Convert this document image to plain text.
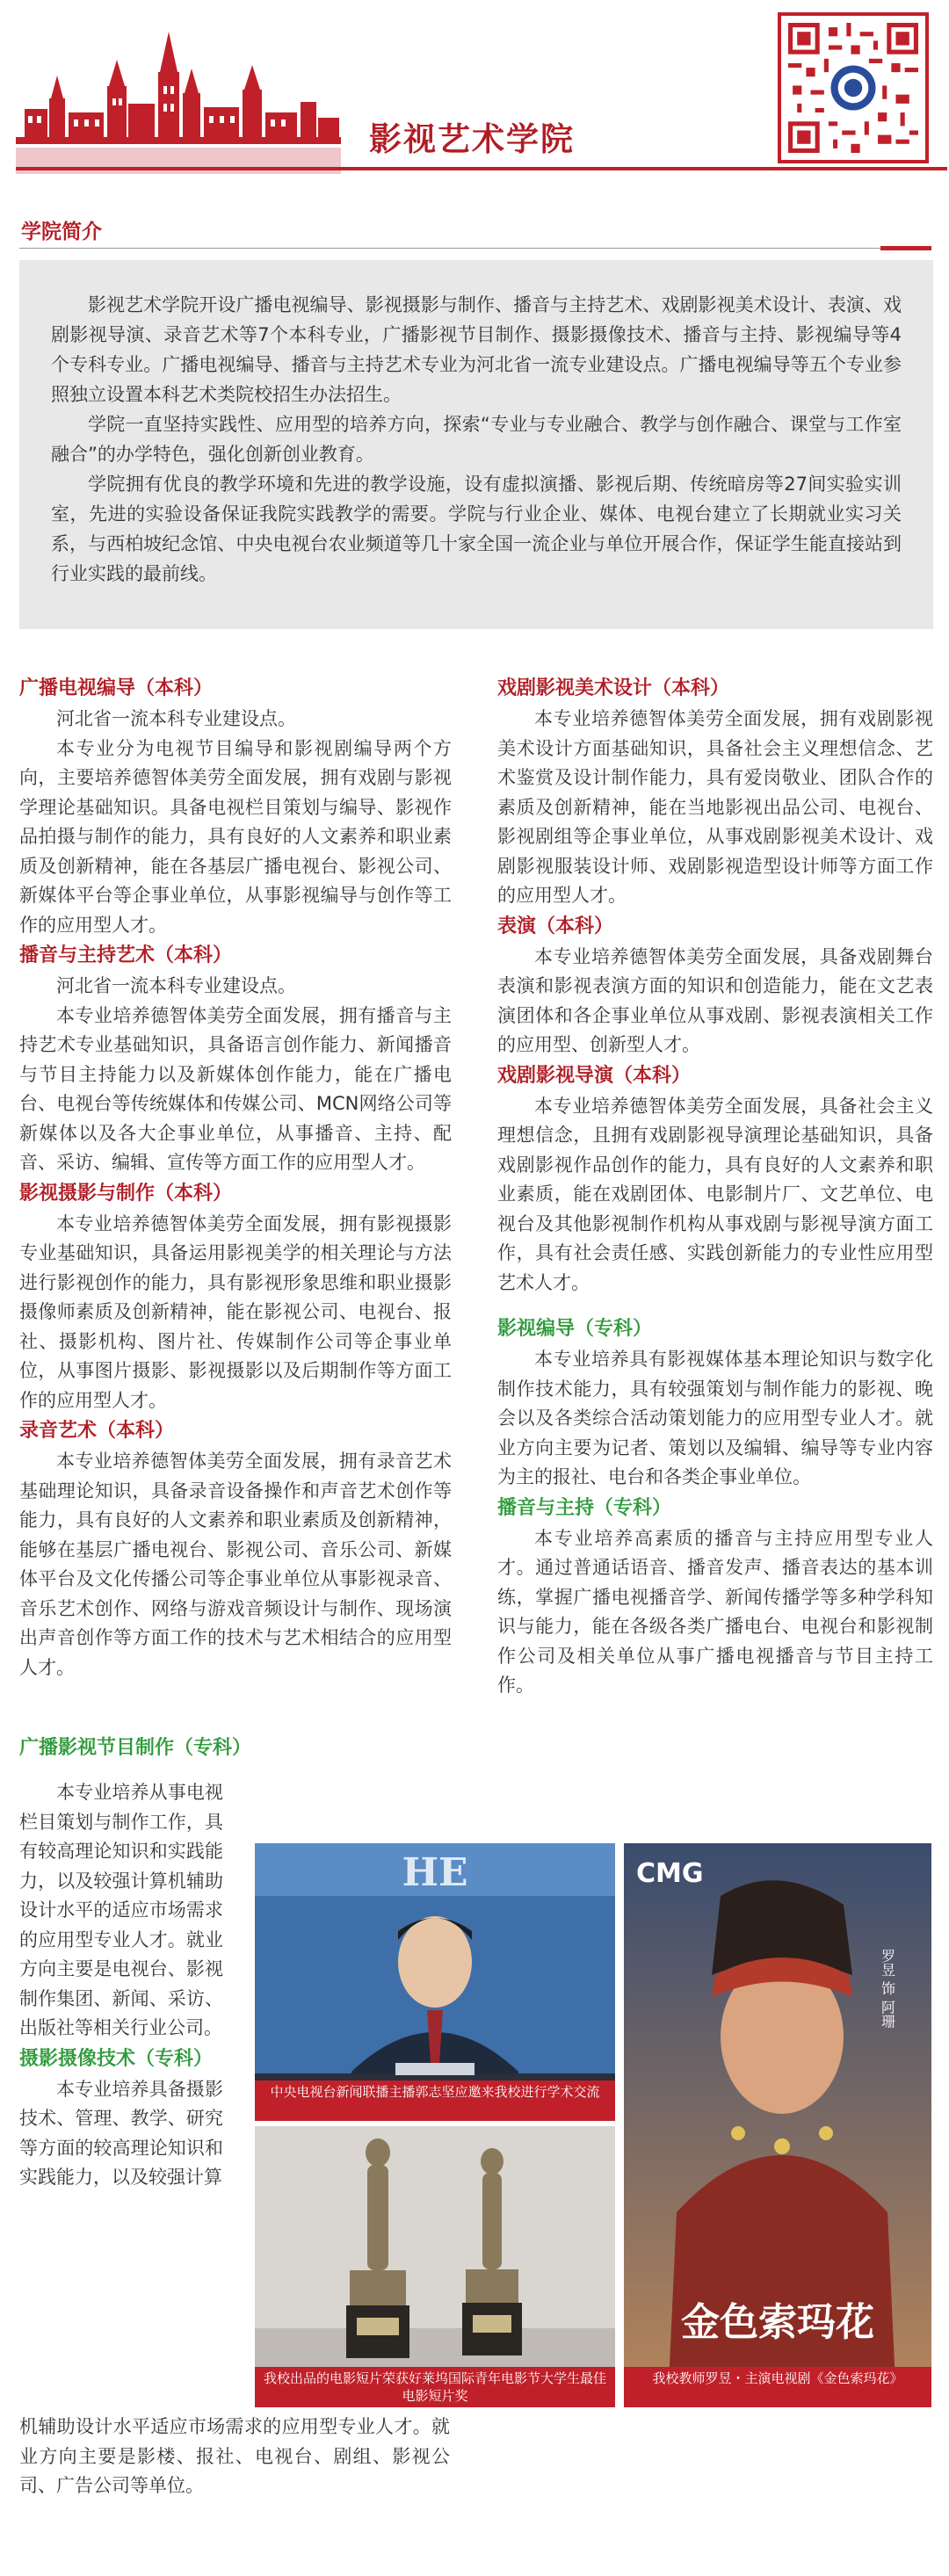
影视艺术学院
学院简介

影视艺术学院开设广播电视编导、影视摄影与制作、播音与主持艺术、戏剧影视美术设计、表演、戏剧影视导演、录音艺术等7个本科专业，广播影视节目制作、摄影摄像技术、播音与主持、影视编导等4个专科专业。广播电视编导、播音与主持艺术专业为河北省一流专业建设点。广播电视编导等五个专业参照独立设置本科艺术类院校招生办法招生。

学院一直坚持实践性、应用型的培养方向，探索“专业与专业融合、教学与创作融合、课堂与工作室融合”的办学特色，强化创新创业教育。

学院拥有优良的教学环境和先进的教学设施，设有虚拟演播、影视后期、传统暗房等27间实验实训室，先进的实验设备保证我院实践教学的需要。学院与行业企业、媒体、电视台建立了长期就业实习关系，与西柏坡纪念馆、中央电视台农业频道等几十家全国一流企业与单位开展合作，保证学生能直接站到行业实践的最前线。

广播电视编导（本科）

河北省一流本科专业建设点。

本专业分为电视节目编导和影视剧编导两个方向，主要培养德智体美劳全面发展，拥有戏剧与影视学理论基础知识。具备电视栏目策划与编导、影视作品拍摄与制作的能力，具有良好的人文素养和职业素质及创新精神，能在各基层广播电视台、影视公司、新媒体平台等企事业单位，从事影视编导与创作等工作的应用型人才。

播音与主持艺术（本科）

河北省一流本科专业建设点。

本专业培养德智体美劳全面发展，拥有播音与主持艺术专业基础知识，具备语言创作能力、新闻播音与节目主持能力以及新媒体创作能力，能在广播电台、电视台等传统媒体和传媒公司、MCN网络公司等新媒体以及各大企事业单位，从事播音、主持、配音、采访、编辑、宣传等方面工作的应用型人才。

影视摄影与制作（本科）

本专业培养德智体美劳全面发展，拥有影视摄影专业基础知识，具备运用影视美学的相关理论与方法进行影视创作的能力，具有影视形象思维和职业摄影摄像师素质及创新精神，能在影视公司、电视台、报社、摄影机构、图片社、传媒制作公司等企事业单位，从事图片摄影、影视摄影以及后期制作等方面工作的应用型人才。

录音艺术（本科）

本专业培养德智体美劳全面发展，拥有录音艺术基础理论知识，具备录音设备操作和声音艺术创作等能力，具有良好的人文素养和职业素质及创新精神，能够在基层广播电视台、影视公司、音乐公司、新媒体平台及文化传播公司等企事业单位从事影视录音、音乐艺术创作、网络与游戏音频设计与制作、现场演出声音创作等方面工作的技术与艺术相结合的应用型人才。

戏剧影视美术设计（本科）

本专业培养德智体美劳全面发展，拥有戏剧影视美术设计方面基础知识，具备社会主义理想信念、艺术鉴赏及设计制作能力，具有爱岗敬业、团队合作的素质及创新精神，能在当地影视出品公司、电视台、影视剧组等企事业单位，从事戏剧影视美术设计、戏剧影视服装设计师、戏剧影视造型设计师等方面工作的应用型人才。

表演（本科）

本专业培养德智体美劳全面发展，具备戏剧舞台表演和影视表演方面的知识和创造能力，能在文艺表演团体和各企事业单位从事戏剧、影视表演相关工作的应用型、创新型人才。

戏剧影视导演（本科）

本专业培养德智体美劳全面发展，具备社会主义理想信念，且拥有戏剧影视导演理论基础知识，具备戏剧影视作品创作的能力，具有良好的人文素养和职业素质，能在戏剧团体、电影制片厂、文艺单位、电视台及其他影视制作机构从事戏剧与影视导演方面工作，具有社会责任感、实践创新能力的专业性应用型艺术人才。

影视编导（专科）

本专业培养具有影视媒体基本理论知识与数字化制作技术能力，具有较强策划与制作能力的影视、晚会以及各类综合活动策划能力的应用型专业人才。就业方向主要为记者、策划以及编辑、编导等专业内容为主的报社、电台和各类企事业单位。

播音与主持（专科）

本专业培养高素质的播音与主持应用型专业人才。通过普通话语音、播音发声、播音表达的基本训练，掌握广播电视播音学、新闻传播学等多种学科知识与能力，能在各级各类广播电台、电视台和影视制作公司及相关单位从事广播电视播音与节目主持工作。

广播影视节目制作（专科）

本专业培养从事电视栏目策划与制作工作，具有较高理论知识和实践能力，以及较强计算机辅助设计水平的适应市场需求的应用型专业人才。就业方向主要是电视台、影视制作集团、新闻、采访、出版社等相关行业公司。

摄影摄像技术（专科）

本专业培养具备摄影技术、管理、教学、研究等方面的较高理论知识和实践能力，以及较强计算

机辅助设计水平适应市场需求的应用型专业人才。就业方向主要是影楼、报社、电视台、剧组、影视公司、广告公司等单位。

HE
中央电视台新闻联播主播郭志坚应邀来我校进行学术交流
我校出品的电影短片荣获好莱坞国际青年电影节大学生最佳电影短片奖
CMG
罗昱 饰 阿珊
金色索玛花
我校教师罗昱・主演电视剧《金色索玛花》
